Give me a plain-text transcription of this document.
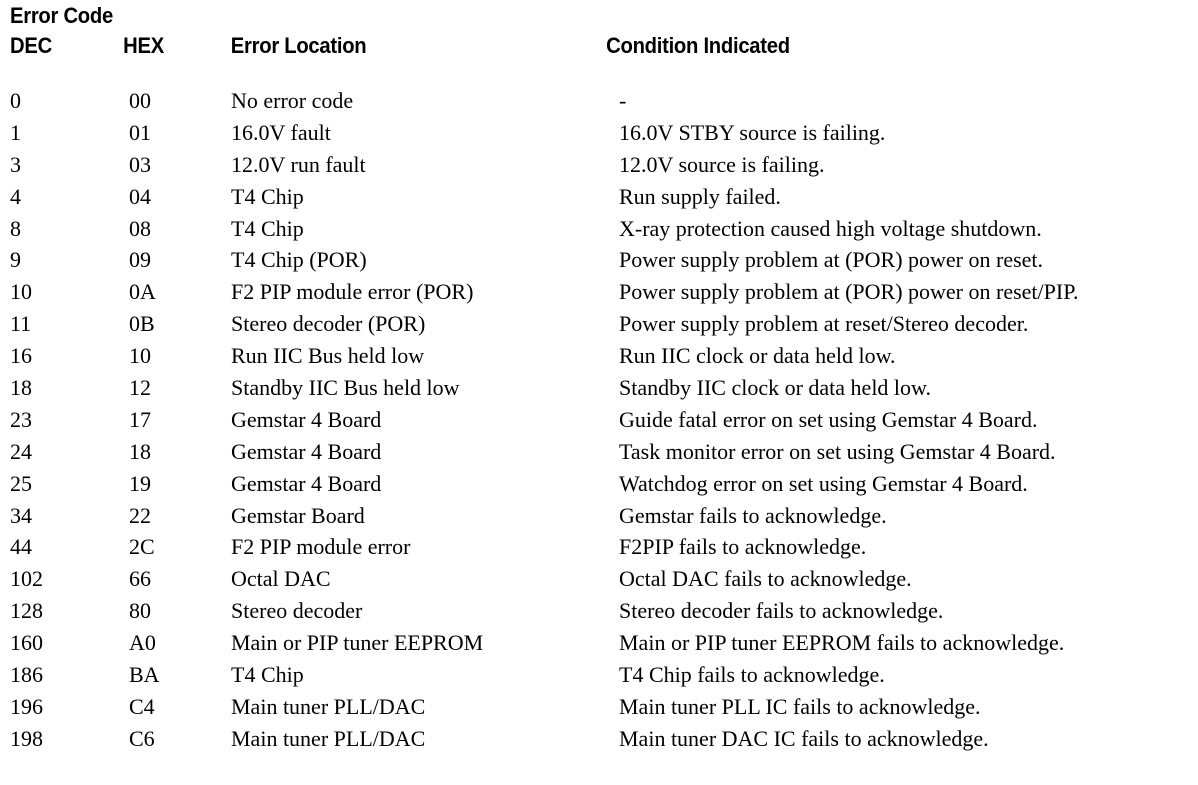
Error Code
DEC	HEX	Error Location	Condition Indicated
0	00	No error code	-
1	01	16.0V fault	16.0V STBY source is failing.
3	03	12.0V run fault	12.0V source is failing.
4	04	T4 Chip	Run supply failed.
8	08	T4 Chip	X-ray protection caused high voltage shutdown.
9	09	T4 Chip (POR)	Power supply problem at (POR) power on reset.
10	0A	F2 PIP module error (POR)	Power supply problem at (POR) power on reset/PIP.
11	0B	Stereo decoder (POR)	Power supply problem at reset/Stereo decoder.
16	10	Run IIC Bus held low	Run IIC clock or data held low.
18	12	Standby IIC Bus held low	Standby IIC clock or data held low.
23	17	Gemstar 4 Board	Guide fatal error on set using Gemstar 4 Board.
24	18	Gemstar 4 Board	Task monitor error on set using Gemstar 4 Board.
25	19	Gemstar 4 Board	Watchdog error on set using Gemstar 4 Board.
34	22	Gemstar Board	Gemstar fails to acknowledge.
44	2C	F2 PIP module error	F2PIP fails to acknowledge.
102	66	Octal DAC	Octal DAC fails to acknowledge.
128	80	Stereo decoder	Stereo decoder fails to acknowledge.
160	A0	Main or PIP tuner EEPROM	Main or PIP tuner EEPROM fails to acknowledge.
186	BA	T4 Chip	T4 Chip fails to acknowledge.
196	C4	Main tuner PLL/DAC	Main tuner PLL IC fails to acknowledge.
198	C6	Main tuner PLL/DAC	Main tuner DAC IC fails to acknowledge.
